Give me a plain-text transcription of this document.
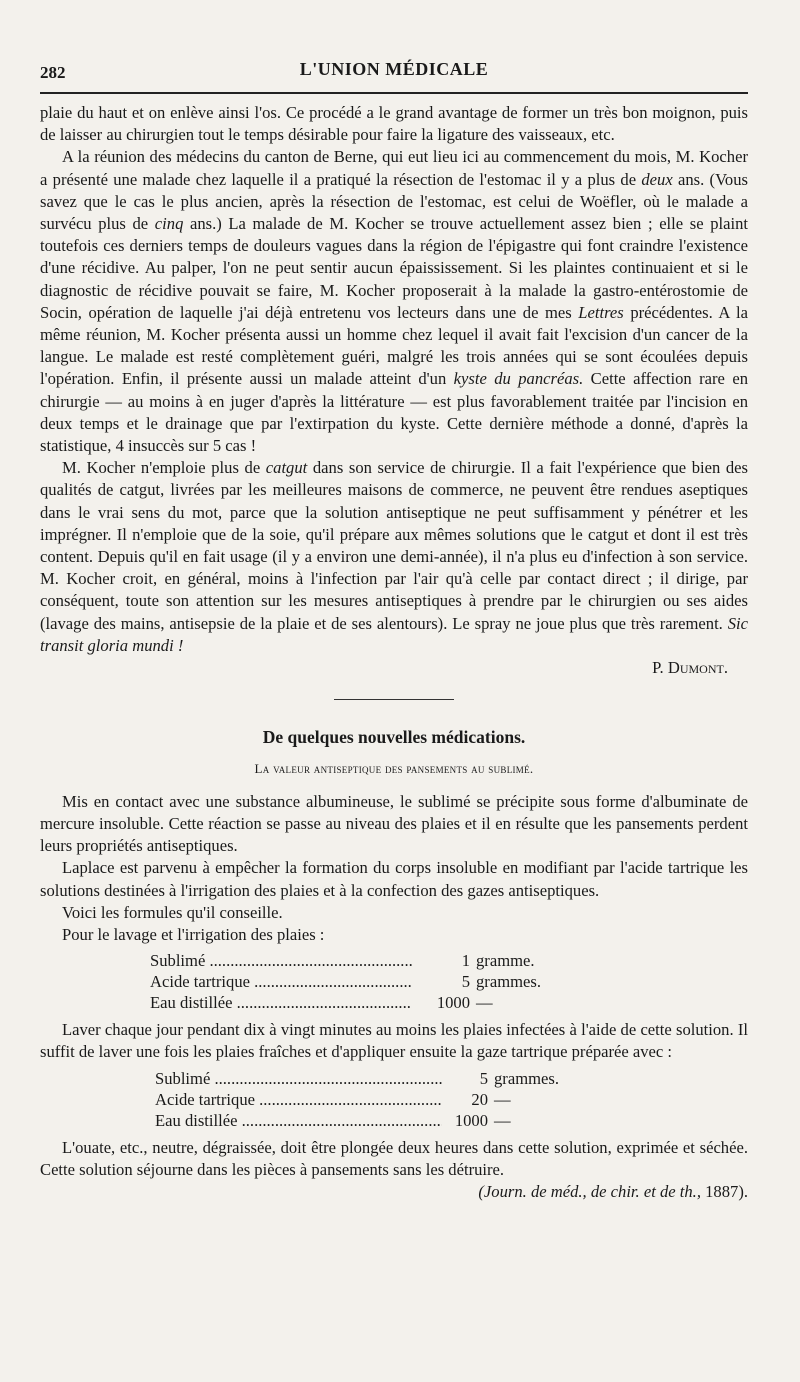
282	L'UNION MÉDICALE

plaie du haut et on enlève ainsi l'os. Ce procédé a le grand avantage de former un très bon moignon, puis de laisser au chirurgien tout le temps désirable pour faire la ligature des vaisseaux, etc.

A la réunion des médecins du canton de Berne, qui eut lieu ici au commencement du mois, M. Kocher a présenté une malade chez laquelle il a pratiqué la résection de l'estomac il y a plus de deux ans. (Vous savez que le cas le plus ancien, après la résection de l'estomac, est celui de Woëfler, où le malade a survécu plus de cinq ans.) La malade de M. Kocher se trouve actuellement assez bien ; elle se plaint toutefois ces derniers temps de douleurs vagues dans la région de l'épigastre qui font craindre l'existence d'une récidive. Au palper, l'on ne peut sentir aucun épaississement. Si les plaintes continuaient et si le diagnostic de récidive pouvait se faire, M. Kocher proposerait à la malade la gastro-entérostomie de Socin, opération de laquelle j'ai déjà entretenu vos lecteurs dans une de mes Lettres précédentes. A la même réunion, M. Kocher présenta aussi un homme chez lequel il avait fait l'excision d'un cancer de la langue. Le malade est resté complètement guéri, malgré les trois années qui se sont écoulées depuis l'opération. Enfin, il présente aussi un malade atteint d'un kyste du pancréas. Cette affection rare en chirurgie — au moins à en juger d'après la littérature — est plus favorablement traitée par l'incision en deux temps et le drainage que par l'extirpation du kyste. Cette dernière méthode a donné, d'après la statistique, 4 insuccès sur 5 cas !

M. Kocher n'emploie plus de catgut dans son service de chirurgie. Il a fait l'expérience que bien des qualités de catgut, livrées par les meilleures maisons de commerce, ne peuvent être rendues aseptiques dans le vrai sens du mot, parce que la solution antiseptique ne peut suffisamment y pénétrer et les imprégner. Il n'emploie que de la soie, qu'il prépare aux mêmes solutions que le catgut et dont il est très content. Depuis qu'il en fait usage (il y a environ une demi-année), il n'a plus eu d'infection à son service. M. Kocher croit, en général, moins à l'infection par l'air qu'à celle par contact direct ; il dirige, par conséquent, toute son attention sur les mesures antiseptiques à prendre par le chirurgien ou ses aides (lavage des mains, antisepsie de la plaie et de ses alentours). Le spray ne joue plus que très rarement. Sic transit gloria mundi !

P. Dumont.

De quelques nouvelles médications.
La valeur antiseptique des pansements au sublimé.

Mis en contact avec une substance albumineuse, le sublimé se précipite sous forme d'albuminate de mercure insoluble. Cette réaction se passe au niveau des plaies et il en résulte que les pansements perdent leurs propriétés antiseptiques.

Laplace est parvenu à empêcher la formation du corps insoluble en modifiant par l'acide tartrique les solutions destinées à l'irrigation des plaies et à la confection des gazes antiseptiques.

Voici les formules qu'il conseille.

Pour le lavage et l'irrigation des plaies :

Sublimé .....	1 gramme.
Acide tartrique .....	5 grammes.
Eau distillée .....	1000 —

Laver chaque jour pendant dix à vingt minutes au moins les plaies infectées à l'aide de cette solution. Il suffit de laver une fois les plaies fraîches et d'appliquer ensuite la gaze tartrique préparée avec :

Sublimé .....	5 grammes.
Acide tartrique .....	20 —
Eau distillée .....	1000 —

L'ouate, etc., neutre, dégraissée, doit être plongée deux heures dans cette solution, exprimée et séchée. Cette solution séjourne dans les pièces à pansements sans les détruire.

(Journ. de méd., de chir. et de th., 1887).
